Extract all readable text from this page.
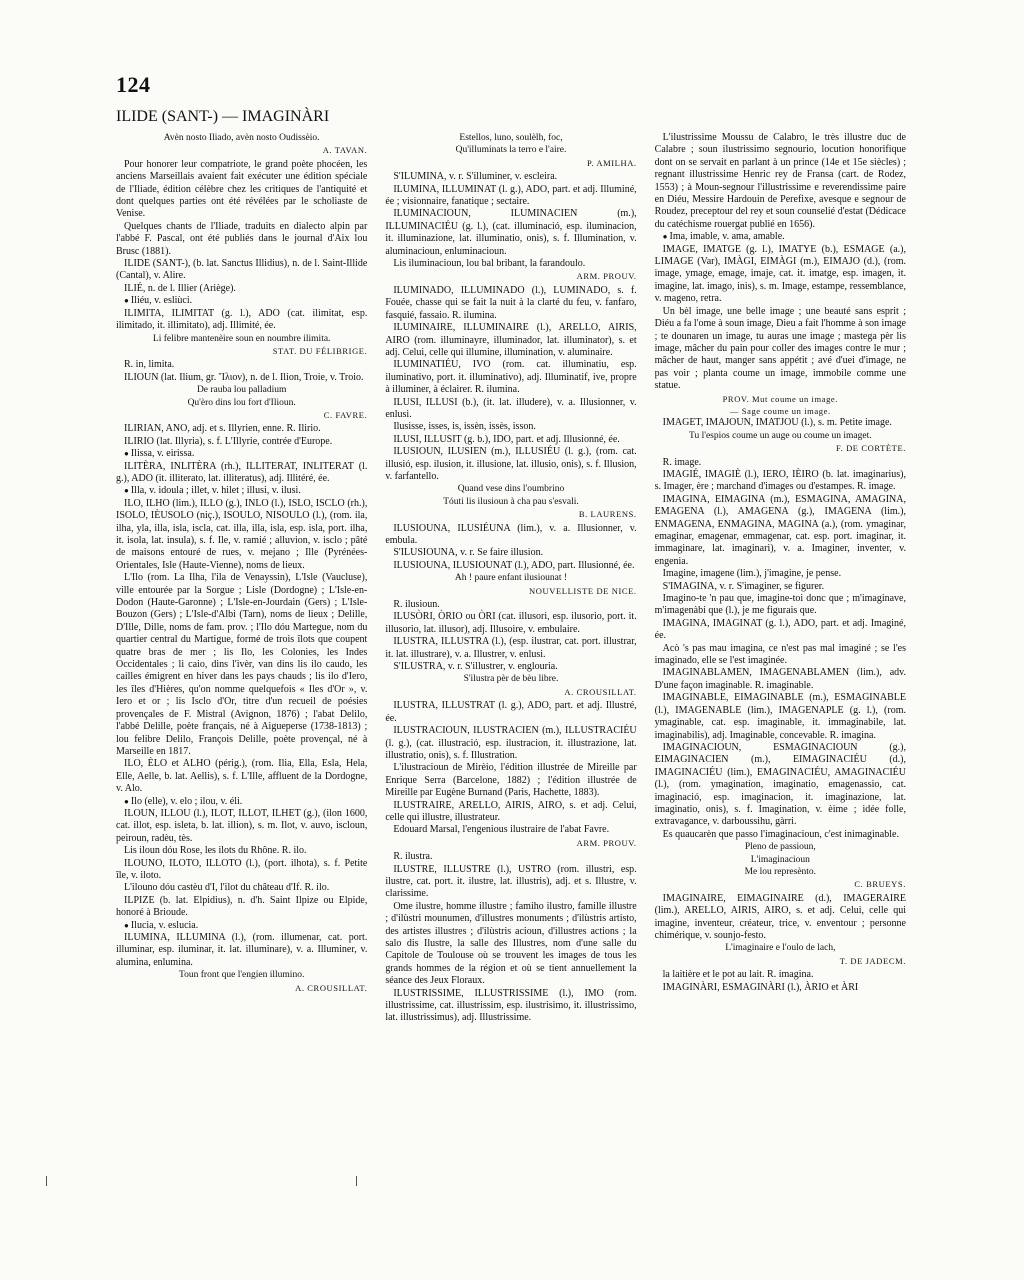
124
ILIDE (SANT-) — IMAGINÀRI

Avèn nosto Iliado, avèn nosto Oudissèio.

A. TAVAN.

Pour honorer leur compatriote, le grand poète phocéen, les anciens Marseillais avaient fait exécuter une édition spéciale de l'Iliade, édition célèbre chez les critiques de l'antiquité et dont quelques parties ont été révélées par le scholiaste de Venise.

Quelques chants de l'Iliade, traduits en dialecto alpin par l'abbé F. Pascal, ont été publiés dans le journal d'Aix lou Brusc (1881).

ILIDE (SANT-), (b. lat. Sanctus Illidius), n. de l. Saint-Illide (Cantal), v. Alire.

ILIÉ, n. de l. Illier (Ariège).

● Iliéu, v. esliùci.

ILIMITA, ILIMITAT (g. l.), ADO (cat. ilimitat, esp. ilimitado, it. illimitato), adj. Illimité, ée.

Li felibre mantenèire soun en noumbre ilimita.

STAT. DU FÉLIBRIGE.

R. in, limita.

ILIOUN (lat. Ilium, gr. Ἴλιον), n. de l. Ilion, Troie, v. Troio.

De rauba lou palladium

Qu'èro dins lou fort d'Ilioun.

C. FAVRE.

ILIRIAN, ANO, adj. et s. Illyrien, enne. R. Ilirio.

ILIRIO (lat. Illyria), s. f. L'Illyrie, contrée d'Europe.

● Ilissa, v. eirissa.

ILITÈRA, INLITÈRA (rh.), ILLITERAT, INLITERAT (l. g.), ADO (it. illiterato, lat. illiteratus), adj. Illitéré, ée.

● Illa, v. idoula ; illet, v. hilet ; illusi, v. ilusi.

ILO, ILHO (lim.), ILLO (g.), INLO (l.), ISLO, ISCLO (rh.), ISOLO, IÈUSOLO (niç.), ISOULO, NISOULO (l.), (rom. ila, ilha, yla, illa, isla, iscla, cat. illa, illa, isla, esp. isla, port. ilha, it. isola, lat. insula), s. f. Ile, v. ramié ; alluvion, v. isclo ; pâté de maisons entouré de rues, v. mejano ; Ille (Pyrénées-Orientales, Isle (Haute-Vienne), noms de lieux.

L'Ilo (rom. La Ilha, l'ila de Venayssin), L'Isle (Vaucluse), ville entourée par la Sorgue ; Lisle (Dordogne) ; L'Isle-en-Dodon (Haute-Garonne) ; L'Isle-en-Jourdain (Gers) ; L'Isle-Bouzon (Gers) ; L'Isle-d'Albi (Tarn), noms de lieux ; Delille, D'Ille, Dille, noms de fam. prov. ; l'Ilo dóu Martegue, nom du quartier central du Martigue, formé de trois îlots que coupent quatre bras de mer ; lis Ilo, les Colonies, les Indes Occidentales ; li caio, dins l'ivèr, van dins lis ilo caudo, les cailles émigrent en hiver dans les pays chauds ; lis ilo d'Iero, les îles d'Hières, qu'on nomme quelquefois « Iles d'Or », v. Iero et or ; lis Isclo d'Or, titre d'un recueil de poésies provençales de F. Mistral (Avignon, 1876) ; l'abat Delilo, l'abbé Delille, poète français, né à Aigueperse (1738-1813) ; lou felibre Delilo, François Delille, poète provençal, né à Marseille en 1817.

ILO, ÈLO et ALHO (périg.), (rom. Ilia, Ella, Esla, Hela, Elle, Aelle, b. lat. Aellis), s. f. L'Ille, affluent de la Dordogne, v. Alo.

● Ilo (elle), v. elo ; ilou, v. éli.

ILOUN, ILLOU (l.), ILOT, ILLOT, ILHET (g.), (ilon 1600, cat. illot, esp. isleta, b. lat. illion), s. m. Ilot, v. auvo, iscloun, peiroun, radèu, tès.

Lis iloun dóu Rose, les ilots du Rhône. R. ilo.

ILOUNO, ILOTO, ILLOTO (l.), (port. ilhota), s. f. Petite île, v. iloto.

L'ilouno dóu castèu d'I, l'ilot du château d'If. R. ilo.

ILPIZE (b. lat. Elpidius), n. d'h. Saint Ilpize ou Elpide, honoré à Brioude.

● Ilucia, v. esluciа.

ILUMINA, ILLUMINA (l.), (rom. illumenar, cat. port. illuminar, esp. iluminar, it. lat. illuminare), v. a. Illuminer, v. alumina, enlumina.

Toun front que l'engien illumino.

A. CROUSILLAT.

Estellos, luno, soulèlh, foc,

Qu'illuminats la terro e l'aire.

P. AMILHA.

S'ILUMINA, v. r. S'illuminer, v. escleira.

ILUMINA, ILLUMINAT (l. g.), ADO, part. et adj. Illuminé, ée ; visionnaire, fanatique ; sectaire.

ILUMINACIOUN, ILUMINACIEN (m.), ILLUMINACIÉU (g. l.), (cat. illuminació, esp. iluminacion, it. illuminazione, lat. illuminatio, onis), s. f. Illumination, v. aluminacioun, enluminacioun.

Lis iluminacioun, lou bal bribant, la farandoulo.

ARM. PROUV.

ILUMINADO, ILLUMINADO (l.), LUMINADO, s. f. Fouée, chasse qui se fait la nuit à la clarté du feu, v. fanfaro, fasquié, fassaio. R. ilumina.

ILUMINAIRE, ILLUMINAIRE (l.), ARELLO, AIRIS, AIRO (rom. illuminayre, illuminador, lat. illuminator), s. et adj. Celui, celle qui illumine, illumination, v. aluminaire.

ILUMINATIÉU, IVO (rom. cat. illuminatiu, esp. iluminativo, port. it. illuminativo), adj. Illuminatif, ive, propre à illuminer, à éclairer. R. ilumina.

ILUSI, ILLUSI (b.), (it. lat. illudere), v. a. Illusionner, v. enlusi.

Ilusisse, isses, is, issèn, issès, isson.

ILUSI, ILLUSIT (g. b.), IDO, part. et adj. Illusionné, ée.

ILUSIOUN, ILUSIEN (m.), ILLUSIÉU (l. g.), (rom. cat. illusió, esp. ilusion, it. illusione, lat. illusio, onis), s. f. Illusion, v. farfantello.

Quand vese dins l'oumbrino

Tóuti lis ilusioun à cha pau s'esvali.

B. LAURENS.

ILUSIOUNA, ILUSIÉUNA (lim.), v. a. Illusionner, v. embula.

S'ILUSIOUNA, v. r. Se faire illusion.

ILUSIOUNA, ILUSIOUNAT (l.), ADO, part. Illusionné, ée.

Ah ! paure enfant ilusiounat !

NOUVELLISTE DE NICE.

R. ilusioun.

ILUSÒRI, ÒRIO ou ÒRI (cat. illusori, esp. ilusorio, port. it. illusorio, lat. illusor), adj. Illusoire, v. embulaire.

ILUSTRA, ILLUSTRA (l.), (esp. ilustrar, cat. port. illustrar, it. lat. illustrare), v. a. Illustrer, v. enlusi.

S'ILUSTRA, v. r. S'illustrer, v. englouria.

S'ilustra pèr de bèu libre.

A. CROUSILLAT.

ILUSTRA, ILLUSTRAT (l. g.), ADO, part. et adj. Illustré, ée.

ILUSTRACIOUN, ILUSTRACIEN (m.), ILLUSTRACIÉU (l. g.), (cat. illustració, esp. ilustracion, it. illustrazione, lat. illustratio, onis), s. f. Illustration.

L'ilustracioun de Mirèio, l'édition illustrée de Mireille par Enrique Serra (Barcelone, 1882) ; l'édition illustrée de Mireille par Eugène Burnand (Paris, Hachette, 1883).

ILUSTRAIRE, ARELLO, AIRIS, AIRO, s. et adj. Celui, celle qui illustre, illustrateur.

Edouard Marsal, l'engenious ilustraire de l'abat Favre.

ARM. PROUV.

R. ilustra.

ILUSTRE, ILLUSTRE (l.), USTRO (rom. illustri, esp. ilustre, cat. port. it. ilustre, lat. illustris), adj. et s. Illustre, v. clarissime.

Ome ilustre, homme illustre ; famiho ilustro, famille illustre ; d'ilùstri mounumen, d'illustres monuments ; d'ilùstris artisto, des artistes illustres ; d'ilùstris acioun, d'illustres actions ; la salo dis Ilustre, la salle des Illustres, nom d'une salle du Capitole de Toulouse où se trouvent les images de tous les grands hommes de la région et où se tient annuellement la séance des Jeux Floraux.

ILUSTRISSIME, ILLUSTRISSIME (l.), IMO (rom. illustrissime, cat. illustrissim, esp. ilustrisimo, it. illustrissimo, lat. illustrissimus), adj. Illustrissime.

L'ilustrissime Moussu de Calabro, le très illustre duc de Calabre ; soun ilustrissimo segnourio, locution honorifique dont on se servait en parlant à un prince (14e et 15e siècles) ; regnant illustrissime Henric rey de Fransa (cart. de Rodez, 1553) ; à Moun-segnour l'illustrissime e reverendissime paire en Diéu, Messire Hardouin de Perefixe, avesque e segnour de Roudez, preceptour del rey et soun counselié d'estat (Dédicace du catéchisme rouergat publié en 1656).

● Ima, imable, v. ama, amable.

IMAGE, IMATGE (g. l.), IMATYE (b.), ESMAGE (a.), LIMAGE (Var), IMÀGI, EIMÀGI (m.), EIMAJO (d.), (rom. image, ymage, emage, imaje, cat. it. imatge, esp. imagen, it. imagine, lat. imago, inis), s. m. Image, estampe, ressemblance, v. mageno, retra.

Un bèl image, une belle image ; une beauté sans esprit ; Diéu a fa l'ome à soun image, Dieu a fait l'homme à son image ; te dounaren un image, tu auras une image ; mastega pèr lis image, mâcher du pain pour coller des images contre le mur ; mâcher de haut, manger sans appétit ; avé d'uei d'image, ne pas voir ; planta coume un image, immobile comme une statue.

PROV. Mut coume un image.

— Sage coume un image.

IMAGET, IMAJOUN, IMATJOU (l.), s. m. Petite image.

Tu l'espios coume un auge ou coume un imaget.

F. DE CORTÈTE.

R. image.

IMAGIÉ, IMAGIÈ (l.), IERO, IÈIRO (b. lat. imaginarius), s. Imager, ère ; marchand d'images ou d'estampes. R. image.

IMAGINA, EIMAGINA (m.), ESMAGINA, AMAGINA, EMAGENA (l.), AMAGENA (g.), IMAGENA (lim.), ENMAGENA, ENMAGINA, MAGINA (a.), (rom. ymaginar, emaginar, emagenar, emmagenar, cat. esp. port. imaginar, it. immaginare, lat. imaginari), v. a. Imaginer, inventer, v. engenia.

Imagine, imagene (lim.), j'imagine, je pense.

S'IMAGINA, v. r. S'imaginer, se figurer.

Imagino-te 'n pau que, imagine-toi donc que ; m'imaginave, m'imagenàbi que (l.), je me figurais que.

IMAGINA, IMAGINAT (g. l.), ADO, part. et adj. Imaginé, ée.

Acò 's pas mau imagina, ce n'est pas mal imaginé ; se l'es imaginado, elle se l'est imaginée.

IMAGINABLAMEN, IMAGENABLAMEN (lim.), adv. D'une façon imaginable. R. imaginable.

IMAGINABLE, EIMAGINABLE (m.), ESMAGINABLE (l.), IMAGENABLE (lim.), IMAGENAPLE (g. l.), (rom. ymaginable, cat. esp. imaginable, it. immaginabile, lat. imaginabilis), adj. Imaginable, concevable. R. imagina.

IMAGINACIOUN, ESMAGINACIOUN (g.), EIMAGINACIEN (m.), EIMAGINACIÉU (d.), IMAGINACIÉU (lim.), EMAGINACIÉU, AMAGINACIÉU (l.), (rom. ymaginatíon, imaginatio, emagenassio, cat. imaginació, esp. imaginacion, it. imaginazione, lat. imaginatio, onis), s. f. Imagination, v. èime ; idée folle, extravagance, v. darboussihu, gàrri.

Es quaucarèn que passo l'imaginacioun, c'est inimaginable.

Pleno de passioun,

L'imaginacioun

Me lou represènto.

C. BRUEYS.

IMAGINAIRE, EIMAGINAIRE (d.), IMAGERAIRE (lim.), ARELLO, AIRIS, AIRO, s. et adj. Celui, celle qui imagine, inventeur, créateur, trice, v. enventour ; personne chimérique, v. sounjo-festo.

L'imaginaire e l'oulo de lach,

T. DE JADECM.

la laitière et le pot au lait. R. imagina.

IMAGINÀRI, ESMAGINÀRI (l.), ÀRIO et ÀRI
